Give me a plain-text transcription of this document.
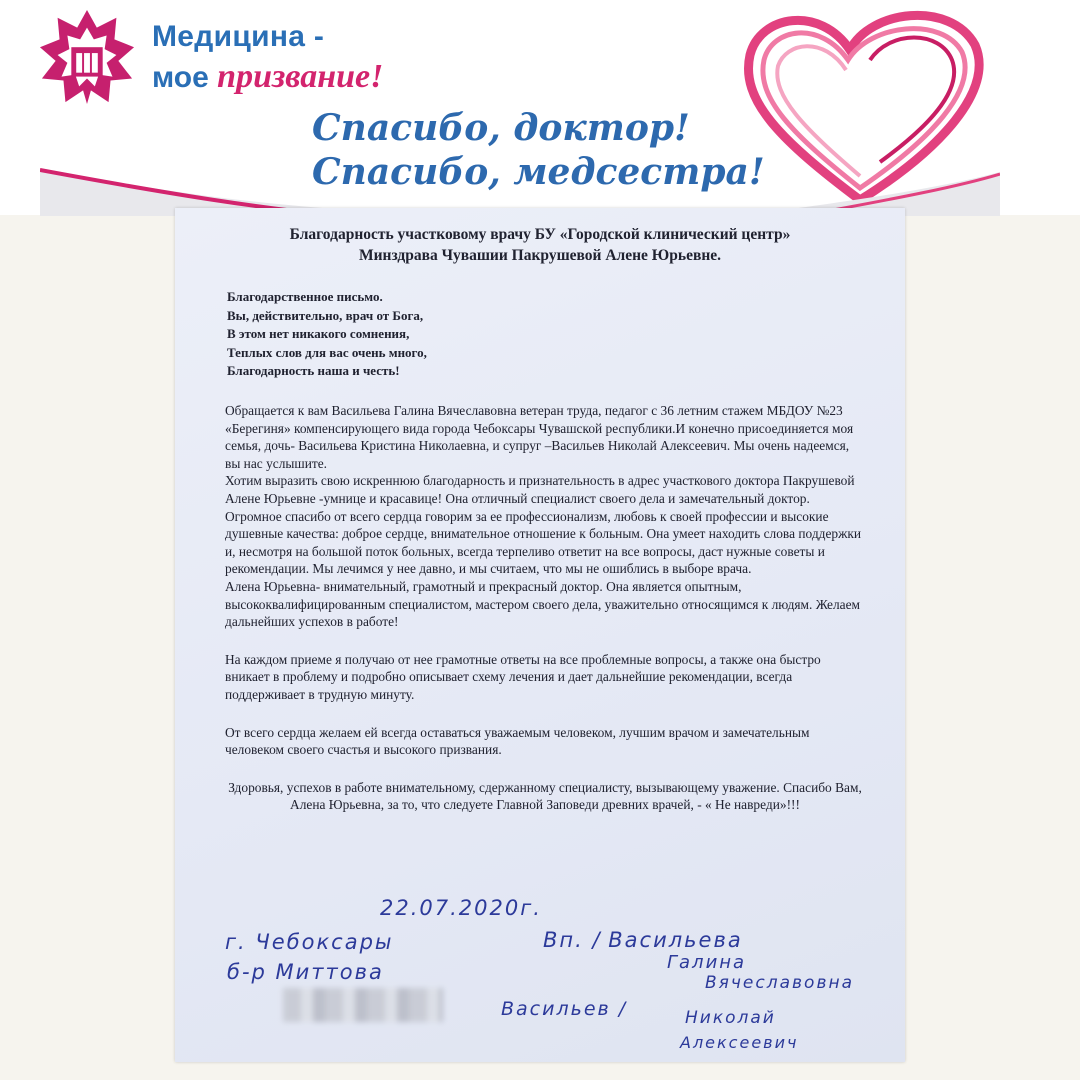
Медицина -
мое призвание!
Спасибо, доктор!
Спасибо, медсестра!
Благодарность участковому врачу БУ «Городской клинический центр»
Минздрава Чувашии Пакрушевой Алене Юрьевне.
Благодарственное письмо.
Вы, действительно, врач от Бога,
В этом нет никакого сомнения,
Теплых слов для вас очень много,
Благодарность наша и честь!

Обращается к вам Васильева Галина Вячеславовна ветеран труда, педагог с 36 летним стажем МБДОУ №23 «Берегиня» компенсирующего вида города Чебоксары Чувашской республики.И конечно присоединяется моя семья, дочь- Васильева Кристина Николаевна, и супруг –Васильев Николай Алексеевич. Мы очень надеемся, вы нас услышите.

Хотим выразить свою искреннюю благодарность и признательность в адрес участкового доктора Пакрушевой Алене Юрьевне -умнице и красавице! Она отличный специалист своего дела и замечательный доктор.

Огромное спасибо от всего сердца говорим за ее профессионализм, любовь к своей профессии и высокие душевные качества: доброе сердце, внимательное отношение к больным. Она умеет находить слова поддержки и, несмотря на большой поток больных, всегда терпеливо ответит на все вопросы, даст нужные советы и рекомендации. Мы лечимся у нее давно, и мы считаем, что мы не ошиблись в выборе врача.

Алена Юрьевна- внимательный, грамотный и прекрасный доктор. Она является опытным, высококвалифицированным специалистом, мастером своего дела, уважительно относящимся к людям. Желаем дальнейших успехов в работе!

На каждом приеме я получаю от нее грамотные ответы на все проблемные вопросы, а также она быстро вникает в проблему и подробно описывает схему лечения и дает дальнейшие рекомендации, всегда поддерживает в трудную минуту.

От всего сердца желаем ей всегда оставаться уважаемым человеком, лучшим врачом и замечательным человеком своего счастья и высокого призвания.

Здоровья, успехов в работе внимательному, сдержанному специалисту, вызывающему уважение. Спасибо Вам, Алена Юрьевна, за то, что следуете Главной Заповеди древних врачей, - « Не навреди»!!!

22.07.2020г.
г. Чебоксары
б-р Миттова
Вп. / Васильева
Галина
Вячеславовна
Васильев /	Николай
Алексеевич
